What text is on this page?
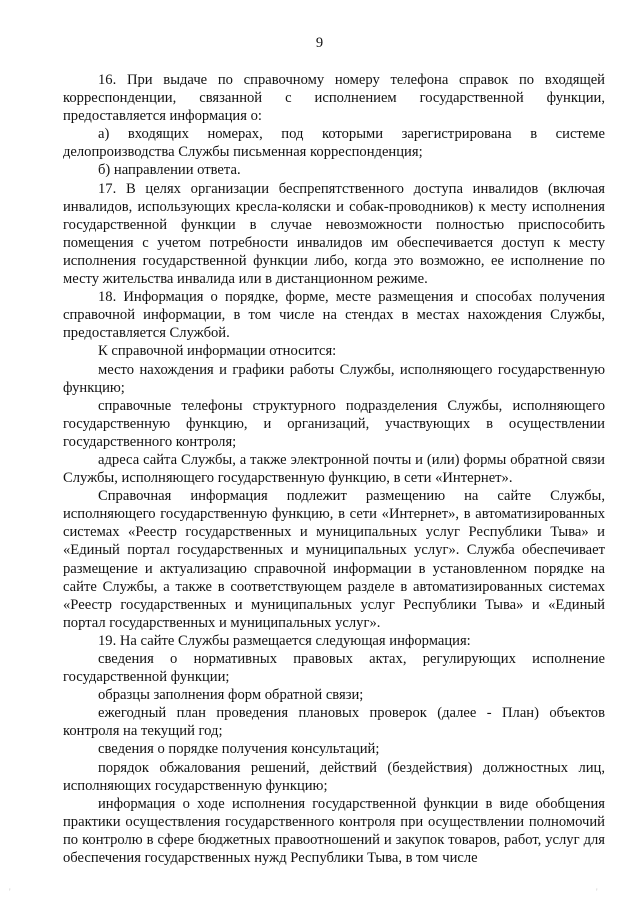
9

16. При выдаче по справочному номеру телефона справок по входящей корреспонденции, связанной с исполнением государственной функции, предоставляется информация о:

а) входящих номерах, под которыми зарегистрирована в системе делопроизводства Службы письменная корреспонденция;

б) направлении ответа.

17. В целях организации беспрепятственного доступа инвалидов (включая инвалидов, использующих кресла-коляски и собак-проводников) к месту исполнения государственной функции в случае невозможности полностью приспособить помещения с учетом потребности инвалидов им обеспечивается доступ к месту исполнения государственной функции либо, когда это возможно, ее исполнение по месту жительства инвалида или в дистанционном режиме.

18. Информация о порядке, форме, месте размещения и способах получения справочной информации, в том числе на стендах в местах нахождения Службы, предоставляется Службой.

К справочной информации относится:

место нахождения и графики работы Службы, исполняющего государственную функцию;

справочные телефоны структурного подразделения Службы, исполняющего государственную функцию, и организаций, участвующих в осуществлении государственного контроля;

адреса сайта Службы, а также электронной почты и (или) формы обратной связи Службы, исполняющего государственную функцию, в сети «Интернет».

Справочная информация подлежит размещению на сайте Службы, исполняющего государственную функцию, в сети «Интернет», в автоматизированных системах «Реестр государственных и муниципальных услуг Республики Тыва» и «Единый портал государственных и муниципальных услуг». Служба обеспечивает размещение и актуализацию справочной информации в установленном порядке на сайте Службы, а также в соответствующем разделе в автоматизированных системах «Реестр государственных и муниципальных услуг Республики Тыва» и «Единый портал государственных и муниципальных услуг».

19. На сайте Службы размещается следующая информация:

сведения о нормативных правовых актах, регулирующих исполнение государственной функции;

образцы заполнения форм обратной связи;

ежегодный план проведения плановых проверок (далее - План) объектов контроля на текущий год;

сведения о порядке получения консультаций;

порядок обжалования решений, действий (бездействия) должностных лиц, исполняющих государственную функцию;

информация о ходе исполнения государственной функции в виде обобщения практики осуществления государственного контроля при осуществлении полномочий по контролю в сфере бюджетных правоотношений и закупок товаров, работ, услуг для обеспечения государственных нужд Республики Тыва, в том числе

'	'
